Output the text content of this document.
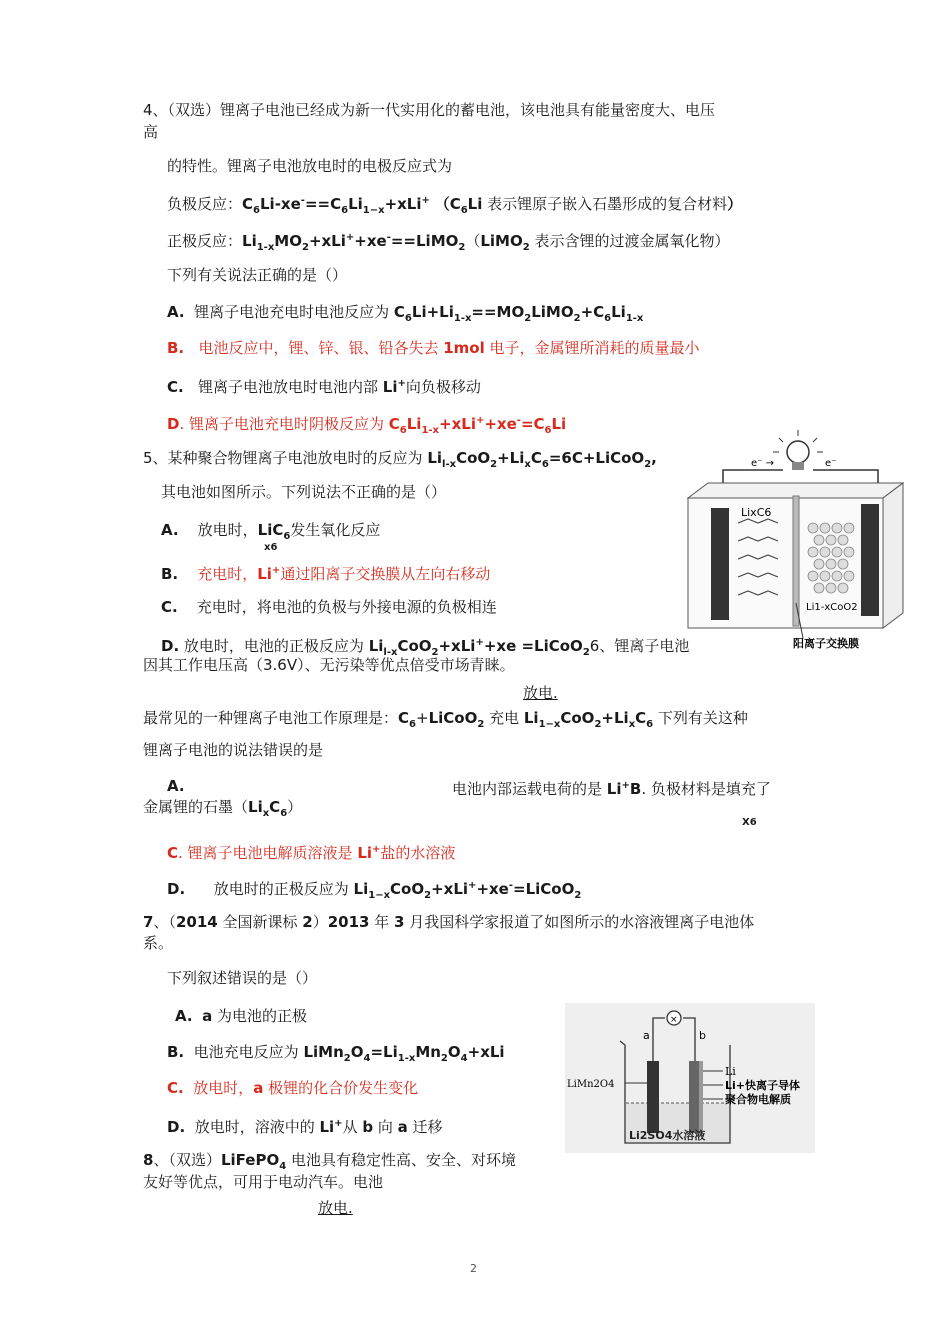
4、（双选）锂离子电池已经成为新一代实用化的蓄电池，该电池具有能量密度大、电压
高
的特性。锂离子电池放电时的电极反应式为
负极反应：$C_6Li-xe^-==C_6Li_{1-x}+xLi^+$ （$C_6Li$ 表示锂原子嵌入石墨形成的复合材料）
正极反应：$Li_{1-x}MO_2+xLi^++xe^-==LiMO_2(LiMO_2$ 表示含锂的过渡金属氧化物）
下列有关说法正确的是（）
A.  锂离子电池充电时电池反应为 $C_6Li+Li_{1-x}==MO_2LiMO_2+C_6Li_{1-x}$
B.   电池反应中，锂、锌、银、铅各失去 1mol 电子，金属锂所消耗的质量最小
C.   锂离子电池放电时电池内部 Li+向负极移动
D. 锂离子电池充电时阴极反应为 $C_6Li_{1-x}+xLi^++xe^-=C_6Li$
5、某种聚合物锂离子电池放电时的反应为 $Li_{l-x}CoO_2+Li_xC_6=6C+LiCoO_2$,
其电池如图所示。下列说法不正确的是（）
A.    放电时，LiC$_6$发生氧化反应
x6
B.    充电时，Li+通过阳离子交换膜从左向右移动
C.    充电时，将电池的负极与外接电源的负极相连
D. 放电时，电池的正极反应为 $Li_{l-x}CoO_2+xLi^++xe$ =LiCoO$_2$6、锂离子电池
e⁻ →	e⁻
LixC6
Li1-xCoO2
阳离子交换膜
因其工作电压高（3.6V）、无污染等优点倍受市场青睐。
放电.
最常见的一种锂离子电池工作原理是：$C_6+LiCoO_2$ 充电 $Li_{1-x}CoO_2+Li_xC_6$ 下列有关这种
锂离子电池的说法错误的是
A.	电池内部运载电荷的是 Li+B. 负极材料是填充了
金属锂的石墨$(Li_xC_6)$
X6
C. 锂离子电池电解质溶液是 Li+盐的水溶液
D.      放电时的正极反应为 $Li_{1-x}CoO_2+xLi^++xe^-=LiCoO_2$
7、（2014 全国新课标 2）2013 年 3 月我国科学家报道了如图所示的水溶液锂离子电池体
系。
下列叙述错误的是（）
A. a 为电池的正极
B.  电池充电反应为 $LiMn_2O_4=Li_{1-x}Mn_2O_4+xLi$
C.  放电时，a 极锂的化合价发生变化
D.  放电时，溶液中的 Li+从 b 向 a 迁移
×
a	b
LiMn2O4
Li
Li+快离子导体
聚合物电解质
Li2SO4水溶液
8、（双选）LiFePO$_4$ 电池具有稳定性高、安全、对环境
友好等优点，可用于电动汽车。电池
放电.
2
